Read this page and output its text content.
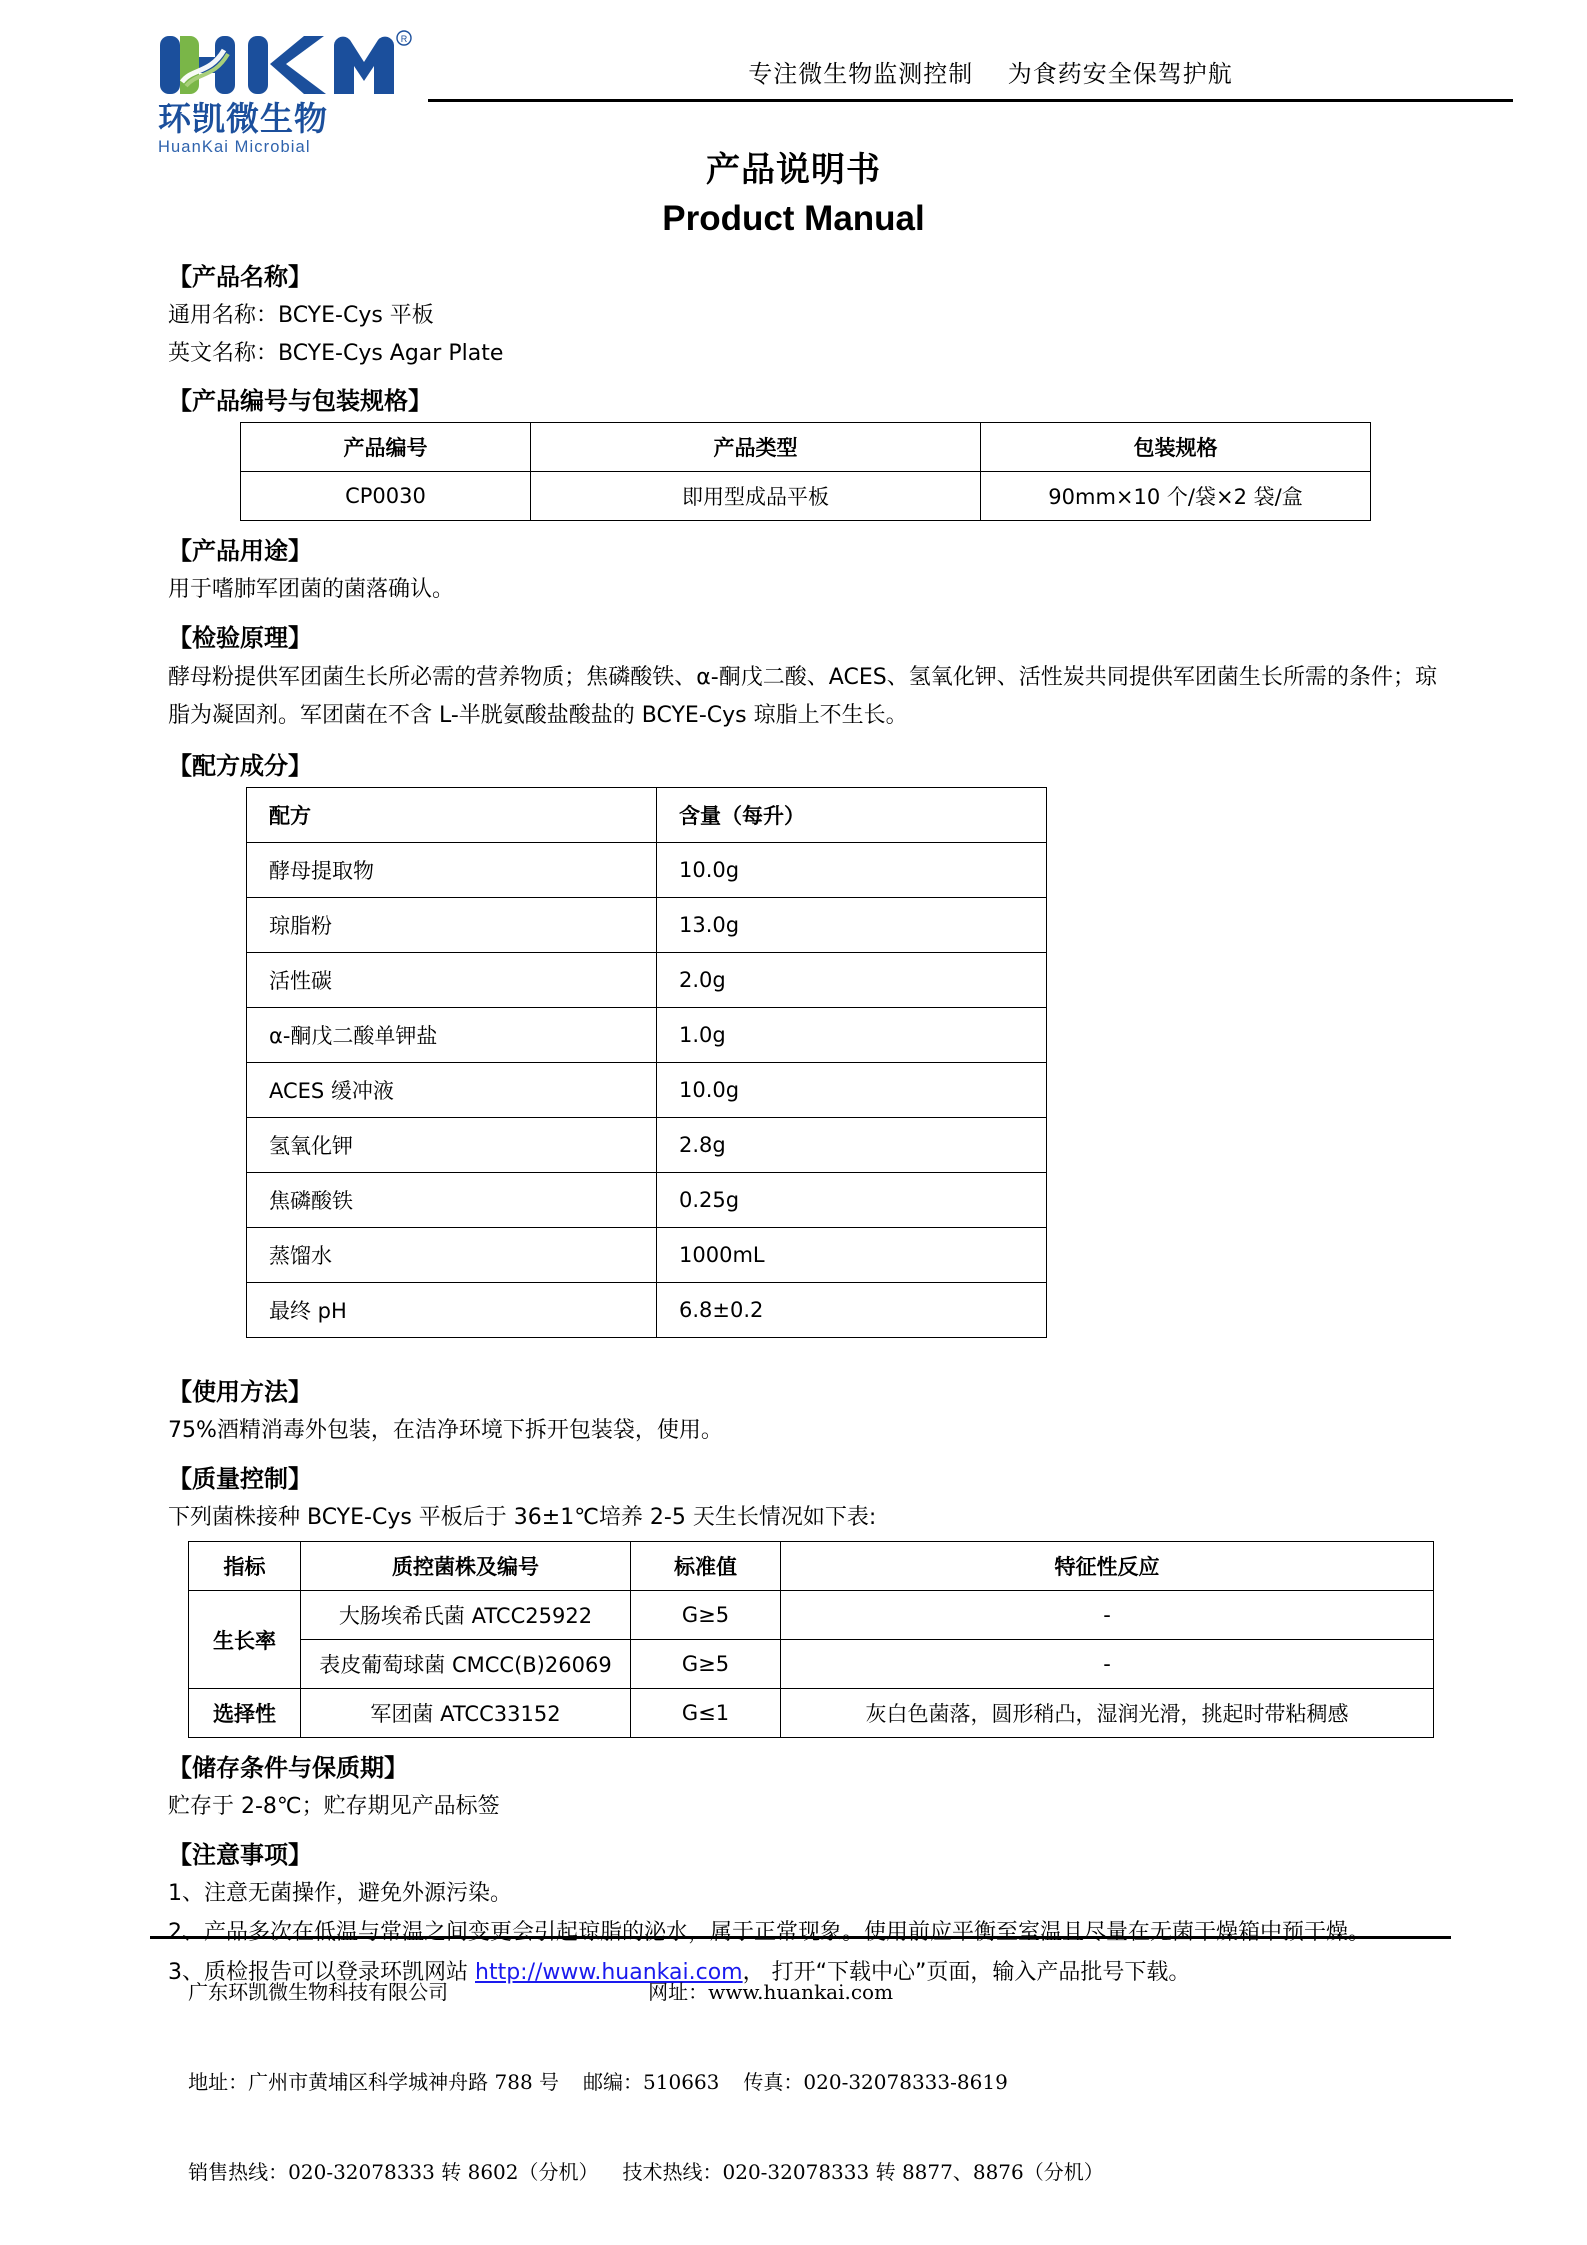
R
环凯微生物
HuanKai Microbial
专注微生物监测控制    为食药安全保驾护航
产品说明书
Product Manual
【产品名称】
通用名称：BCYE-Cys 平板
英文名称：BCYE-Cys Agar Plate
【产品编号与包装规格】
产品编号	产品类型	包装规格
CP0030	即用型成品平板	90mm×10 个/袋×2 袋/盒
【产品用途】
用于嗜肺军团菌的菌落确认。
【检验原理】
酵母粉提供军团菌生长所必需的营养物质；焦磷酸铁、α-酮戊二酸、ACES、氢氧化钾、活性炭共同提供军团菌生长所需的条件；琼脂为凝固剂。军团菌在不含 L-半胱氨酸盐酸盐的 BCYE-Cys 琼脂上不生长。
【配方成分】
配方	含量（每升）
酵母提取物	10.0g
琼脂粉	13.0g
活性碳	2.0g
α-酮戊二酸单钾盐	1.0g
ACES 缓冲液	10.0g
氢氧化钾	2.8g
焦磷酸铁	0.25g
蒸馏水	1000mL
最终 pH	6.8±0.2
【使用方法】
75%酒精消毒外包装，在洁净环境下拆开包装袋，使用。
【质量控制】
下列菌株接种 BCYE-Cys 平板后于 36±1℃培养 2-5 天生长情况如下表:
指标	质控菌株及编号	标准值	特征性反应
生长率	大肠埃希氏菌 ATCC25922	G≥5	-
	表皮葡萄球菌 CMCC(B)26069	G≥5	-
选择性	军团菌 ATCC33152	G≤1	灰白色菌落，圆形稍凸，湿润光滑，挑起时带粘稠感
【储存条件与保质期】
贮存于 2-8℃；贮存期见产品标签
【注意事项】
1、注意无菌操作，避免外源污染。
2、产品多次在低温与常温之间变更会引起琼脂的泌水，属于正常现象。使用前应平衡至室温且尽量在无菌干燥箱中预干燥。
3、质检报告可以登录环凯网站 http://www.huankai.com， 打开“下载中心”页面，输入产品批号下载。

广东环凯微生物科技有限公司	网址：www.huankai.com

地址：广州市黄埔区科学城神舟路 788 号 邮编：510663 传真：020-32078333-8619

销售热线：020-32078333 转 8602（分机） 技术热线：020-32078333 转 8877、8876（分机）
